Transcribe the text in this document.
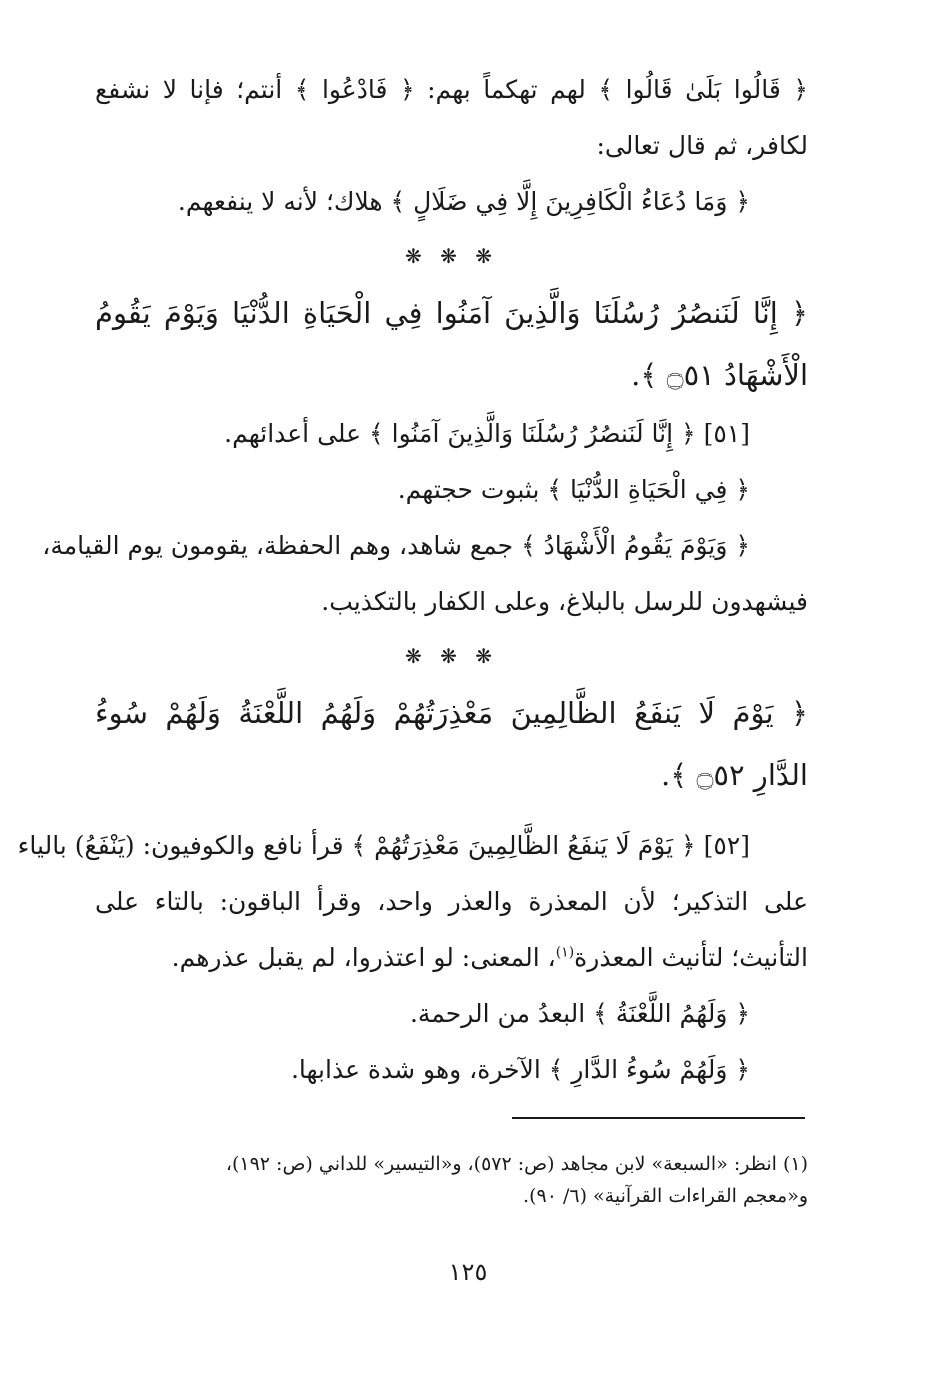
﴿ قَالُوا بَلَىٰ قَالُوا ﴾ لهم تهكماً بهم: ﴿ فَادْعُوا ﴾ أنتم؛ فإنا لا نشفع
لكافر، ثم قال تعالى:
﴿ وَمَا دُعَاءُ الْكَافِرِينَ إِلَّا فِي ضَلَالٍ ﴾ هلاك؛ لأنه لا ينفعهم.
❋ ❋ ❋
﴿ إِنَّا لَنَنصُرُ رُسُلَنَا وَالَّذِينَ آمَنُوا فِي الْحَيَاةِ الدُّنْيَا وَيَوْمَ يَقُومُ
الْأَشْهَادُ ۝٥١ ﴾.
[٥١] ﴿ إِنَّا لَنَنصُرُ رُسُلَنَا وَالَّذِينَ آمَنُوا ﴾ على أعدائهم.
﴿ فِي الْحَيَاةِ الدُّنْيَا ﴾ بثبوت حجتهم.
﴿ وَيَوْمَ يَقُومُ الْأَشْهَادُ ﴾ جمع شاهد، وهم الحفظة، يقومون يوم القيامة،
فيشهدون للرسل بالبلاغ، وعلى الكفار بالتكذيب.
❋ ❋ ❋
﴿ يَوْمَ لَا يَنفَعُ الظَّالِمِينَ مَعْذِرَتُهُمْ وَلَهُمُ اللَّعْنَةُ وَلَهُمْ سُوءُ
الدَّارِ ۝٥٢ ﴾.
[٥٢] ﴿ يَوْمَ لَا يَنفَعُ الظَّالِمِينَ مَعْذِرَتُهُمْ ﴾ قرأ نافع والكوفيون: (يَنْفَعُ) بالياء
على التذكير؛ لأن المعذرة والعذر واحد، وقرأ الباقون: بالتاء على
التأنيث؛ لتأنيث المعذرة$^{(١)}$، المعنى: لو اعتذروا، لم يقبل عذرهم.
﴿ وَلَهُمُ اللَّعْنَةُ ﴾ البعدُ من الرحمة.
﴿ وَلَهُمْ سُوءُ الدَّارِ ﴾ الآخرة، وهو شدة عذابها.
(١) انظر: «السبعة» لابن مجاهد (ص: ٥٧٢)، و«التيسير» للداني (ص: ١٩٢)،
و«معجم القراءات القرآنية» (٦/ ٩٠).
١٢٥
